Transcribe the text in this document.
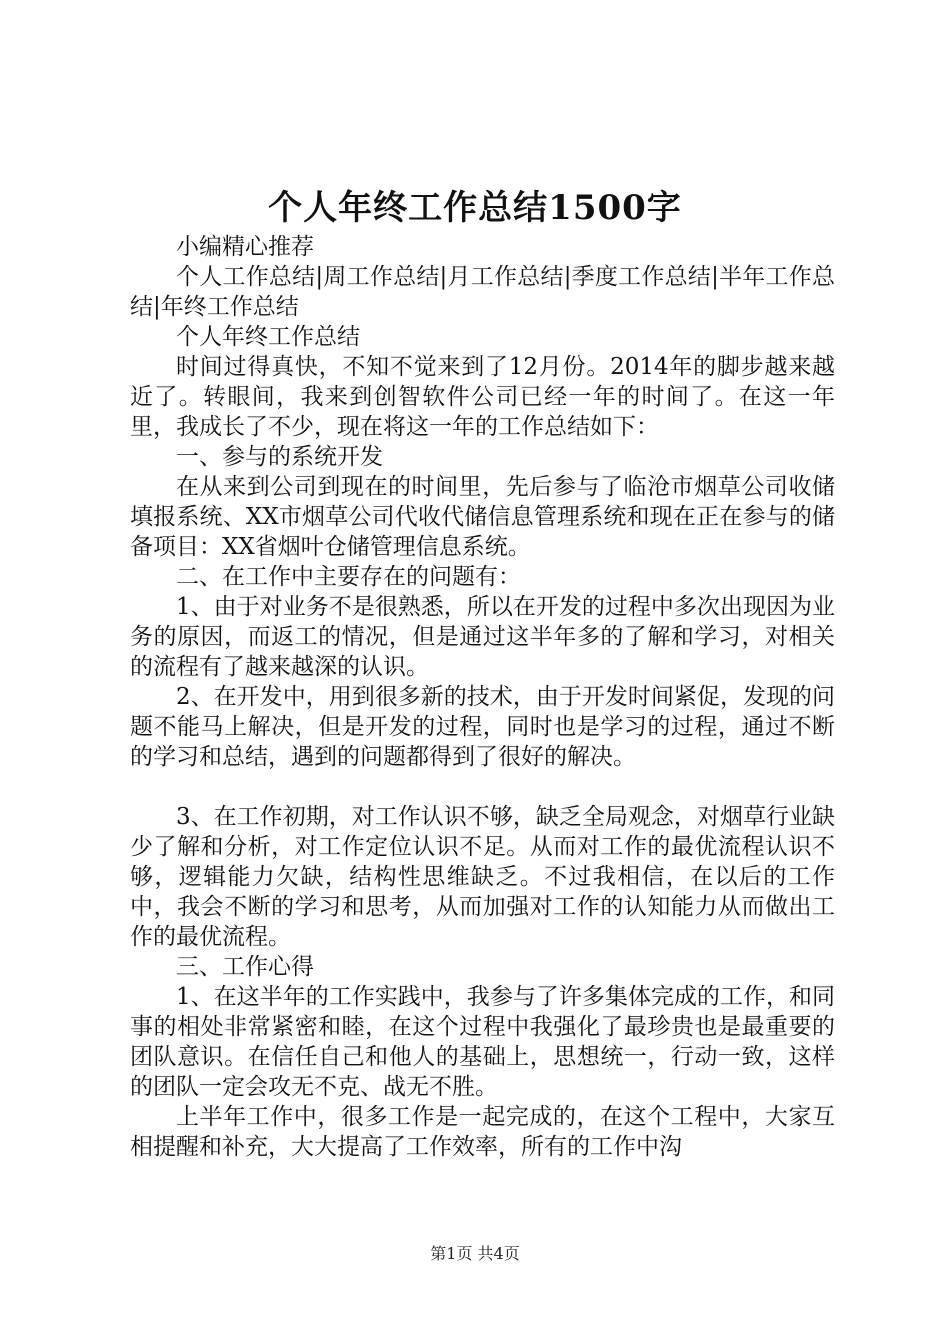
个人年终工作总结1500字

小编精心推荐

个人工作总结|周工作总结|月工作总结|季度工作总结|半年工作总结|年终工作总结

个人年终工作总结

时间过得真快，不知不觉来到了12月份。2014年的脚步越来越近了。转眼间，我来到创智软件公司已经一年的时间了。在这一年里，我成长了不少，现在将这一年的工作总结如下：

一、参与的系统开发

在从来到公司到现在的时间里，先后参与了临沧市烟草公司收储填报系统、XX市烟草公司代收代储信息管理系统和现在正在参与的储备项目：XX省烟叶仓储管理信息系统。

二、在工作中主要存在的问题有：

1、由于对业务不是很熟悉，所以在开发的过程中多次出现因为业务的原因，而返工的情况，但是通过这半年多的了解和学习，对相关的流程有了越来越深的认识。

2、在开发中，用到很多新的技术，由于开发时间紧促，发现的问题不能马上解决，但是开发的过程，同时也是学习的过程，通过不断的学习和总结，遇到的问题都得到了很好的解决。

3、在工作初期，对工作认识不够，缺乏全局观念，对烟草行业缺少了解和分析，对工作定位认识不足。从而对工作的最优流程认识不够，逻辑能力欠缺，结构性思维缺乏。不过我相信，在以后的工作中，我会不断的学习和思考，从而加强对工作的认知能力从而做出工作的最优流程。

三、工作心得

1、在这半年的工作实践中，我参与了许多集体完成的工作，和同事的相处非常紧密和睦，在这个过程中我强化了最珍贵也是最重要的团队意识。在信任自己和他人的基础上，思想统一，行动一致，这样的团队一定会攻无不克、战无不胜。

上半年工作中，很多工作是一起完成的，在这个工程中，大家互相提醒和补充，大大提高了工作效率，所有的工作中沟

第1页 共4页
